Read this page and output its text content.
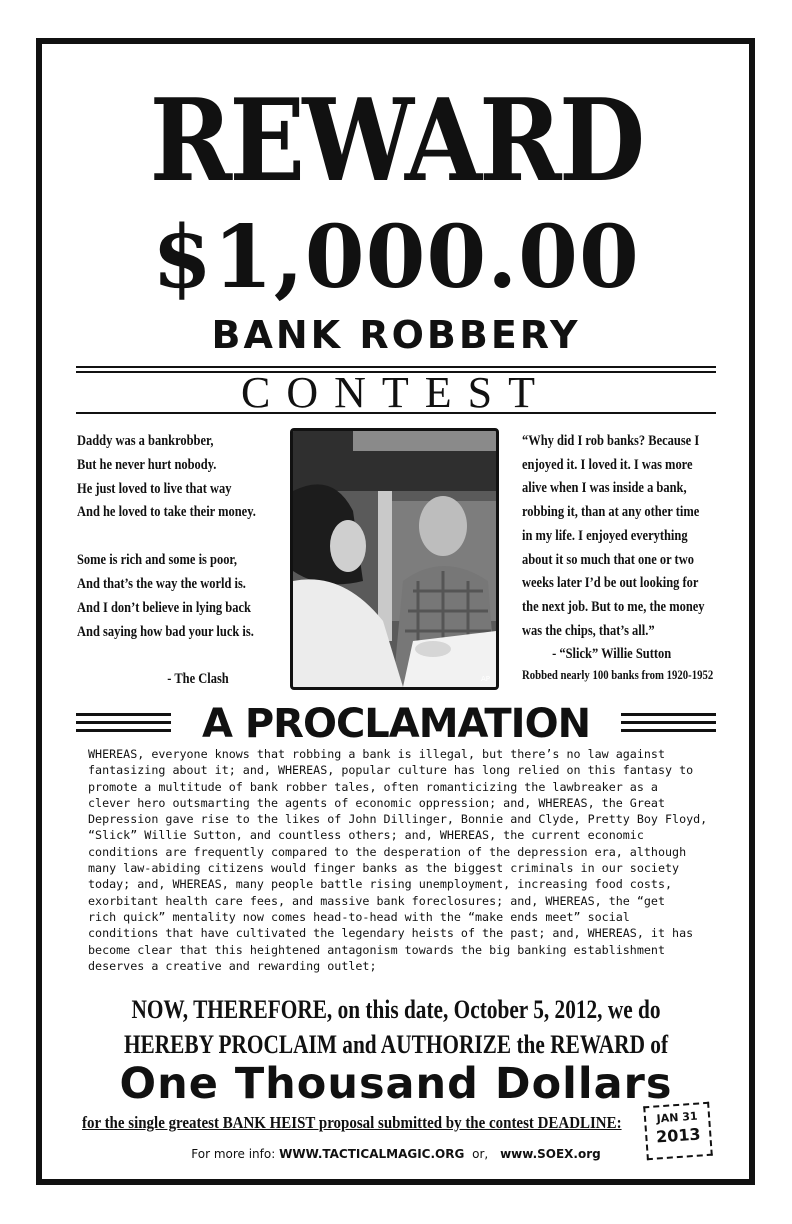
REWARD
$1,000.00
BANK ROBBERY
CONTEST
Daddy was a bankrobber,
But he never hurt nobody.
He just loved to live that way
And he loved to take their money.
Some is rich and some is poor,
And that’s the way the world is.
And I don’t believe in lying back
And saying how bad your luck is.
- The Clash	AP
“Why did I rob banks? Because I
enjoyed it. I loved it. I was more
alive when I was inside a bank,
robbing it, than at any other time
in my life. I enjoyed everything
about it so much that one or two
weeks later I’d be out looking for
the next job. But to me, the money
was the chips, that’s all.”
- “Slick” Willie Sutton
Robbed nearly 100 banks from 1920-1952
A PROCLAMATION
WHEREAS, everyone knows that robbing a bank is illegal, but there’s no law against
fantasizing about it; and, WHEREAS, popular culture has long relied on this fantasy to
promote a multitude of bank robber tales, often romanticizing the lawbreaker as a
clever hero outsmarting the agents of economic oppression; and, WHEREAS, the Great
Depression gave rise to the likes of John Dillinger, Bonnie and Clyde, Pretty Boy Floyd,
“Slick” Willie Sutton, and countless others; and, WHEREAS, the current economic
conditions are frequently compared to the desperation of the depression era, although
many law-abiding citizens would finger banks as the biggest criminals in our society
today; and, WHEREAS, many people battle rising unemployment, increasing food costs,
exorbitant health care fees, and massive bank foreclosures; and, WHEREAS, the “get
rich quick” mentality now comes head-to-head with the “make ends meet” social
conditions that have cultivated the legendary heists of the past; and, WHEREAS, it has
become clear that this heightened antagonism towards the big banking establishment
deserves a creative and rewarding outlet;
NOW, THEREFORE, on this date, October 5, 2012, we do
HEREBY PROCLAIM and AUTHORIZE the REWARD of
One Thousand Dollars
for the single greatest BANK HEIST proposal submitted by the contest DEADLINE:	JAN 31
2013
For more info: WWW.TACTICALMAGIC.ORG or, www.SOEX.org
